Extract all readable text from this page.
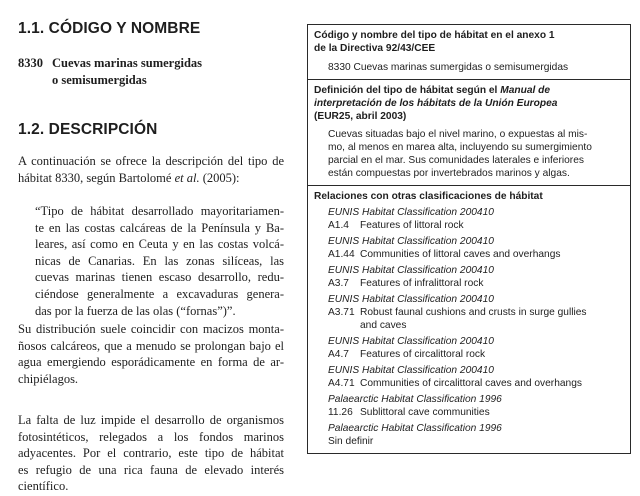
1.1. CÓDIGO Y NOMBRE
8330 Cuevas marinas sumergidas
o semisumergidas
1.2. DESCRIPCIÓN
A continuación se ofrece la descripción del tipo de
hábitat 8330, según Bartolomé et al. (2005):
“Tipo de hábitat desarrollado mayoritariamen-
te en las costas calcáreas de la Península y Ba-
leares, así como en Ceuta y en las costas volcá-
nicas de Canarias. En las zonas silíceas, las
cuevas marinas tienen escaso desarrollo, redu-
ciéndose generalmente a excavaduras genera-
das por la fuerza de las olas (“fornas”)”.
Su distribución suele coincidir con macizos monta-
ñosos calcáreos, que a menudo se prolongan bajo el
agua emergiendo esporádicamente en forma de ar-
chipiélagos.
La falta de luz impide el desarrollo de organismos
fotosintéticos, relegados a los fondos marinos
adyacentes. Por el contrario, este tipo de hábitat
es refugio de una rica fauna de elevado interés
científico.
Código y nombre del tipo de hábitat en el anexo 1
de la Directiva 92/43/CEE
8330 Cuevas marinas sumergidas o semisumergidas
Definición del tipo de hábitat según el Manual de
interpretación de los hábitats de la Unión Europea
(EUR25, abril 2003)
Cuevas situadas bajo el nivel marino, o expuestas al mis-
mo, al menos en marea alta, incluyendo su sumergimiento
parcial en el mar. Sus comunidades laterales e inferiores
están compuestas por invertebrados marinos y algas.
Relaciones con otras clasificaciones de hábitat
EUNIS Habitat Classification 200410
A1.4 Features of littoral rock
EUNIS Habitat Classification 200410
A1.44 Communities of littoral caves and overhangs
EUNIS Habitat Classification 200410
A3.7 Features of infralittoral rock
EUNIS Habitat Classification 200410
A3.71 Robust faunal cushions and crusts in surge gullies
and caves
EUNIS Habitat Classification 200410
A4.7 Features of circalittoral rock
EUNIS Habitat Classification 200410
A4.71 Communities of circalittoral caves and overhangs
Palaearctic Habitat Classification 1996
11.26 Sublittoral cave communities
Palaearctic Habitat Classification 1996
Sin definir
